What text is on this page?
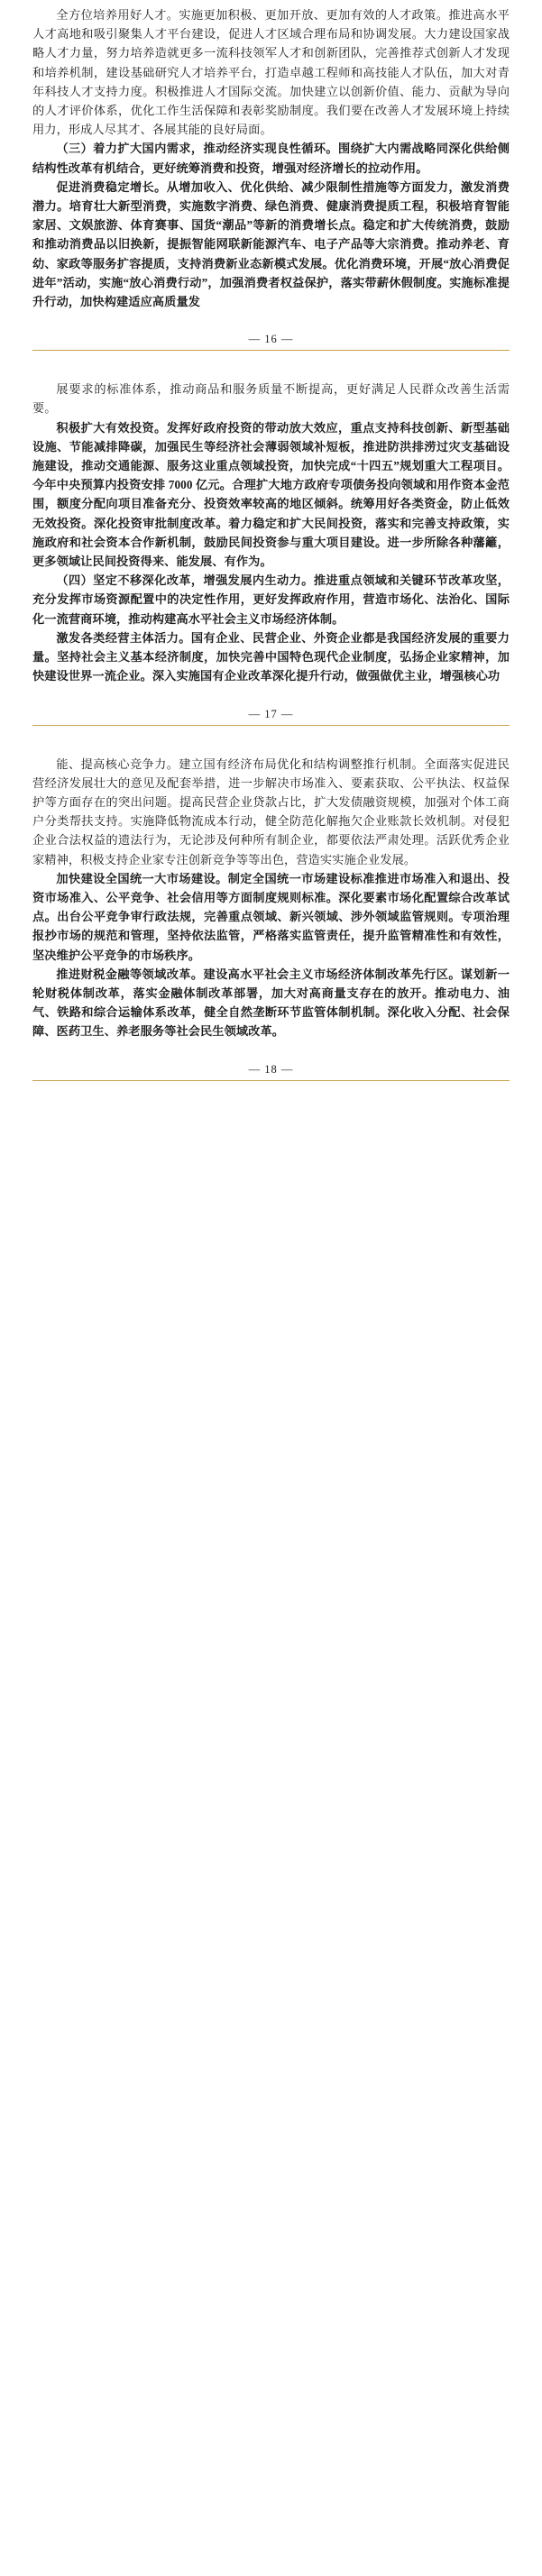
全方位培养用好人才。实施更加积极、更加开放、更加有效的人才政策。推进高水平人才高地和吸引聚集人才平台建设，促进人才区域合理布局和协调发展。大力建设国家战略人才力量，努力培养造就更多一流科技领军人才和创新团队，完善推荐式创新人才发现和培养机制，建设基础研究人才培养平台，打造卓越工程师和高技能人才队伍，加大对青年科技人才支持力度。积极推进人才国际交流。加快建立以创新价值、能力、贡献为导向的人才评价体系，优化工作生活保障和表彰奖励制度。我们要在改善人才发展环境上持续用力，形成人尽其才、各展其能的良好局面。

（三）着力扩大国内需求，推动经济实现良性循环。围绕扩大内需战略同深化供给侧结构性改革有机结合，更好统筹消费和投资，增强对经济增长的拉动作用。

促进消费稳定增长。从增加收入、优化供给、减少限制性措施等方面发力，激发消费潜力。培育壮大新型消费，实施数字消费、绿色消费、健康消费提质工程，积极培育智能家居、文娱旅游、体育赛事、国货“潮品”等新的消费增长点。稳定和扩大传统消费，鼓励和推动消费品以旧换新，提振智能网联新能源汽车、电子产品等大宗消费。推动养老、育幼、家政等服务扩容提质，支持消费新业态新模式发展。优化消费环境，开展“放心消费促进年”活动，实施“放心消费行动”，加强消费者权益保护，落实带薪休假制度。实施标准提升行动，加快构建适应高质量发

— 16 —

展要求的标准体系，推动商品和服务质量不断提高，更好满足人民群众改善生活需要。

积极扩大有效投资。发挥好政府投资的带动放大效应，重点支持科技创新、新型基础设施、节能减排降碳，加强民生等经济社会薄弱领域补短板，推进防洪排涝过灾支基础设施建设，推动交通能源、服务这业重点领域投资，加快完成“十四五”规划重大工程项目。今年中央预算内投资安排 7000 亿元。合理扩大地方政府专项债务投向领域和用作资本金范围，额度分配向项目准备充分、投资效率较高的地区倾斜。统筹用好各类资金，防止低效无效投资。深化投资审批制度改革。着力稳定和扩大民间投资，落实和完善支持政策，实施政府和社会资本合作新机制，鼓励民间投资参与重大项目建设。进一步所除各种藩籬，更多领域让民间投资得来、能发展、有作为。

（四）坚定不移深化改革，增强发展内生动力。推进重点领域和关键环节改革攻坚，充分发挥市场资源配置中的决定性作用，更好发挥政府作用，营造市场化、法治化、国际化一流营商环境，推动构建高水平社会主义市场经济体制。

激发各类经营主体活力。国有企业、民营企业、外资企业都是我国经济发展的重要力量。坚持社会主义基本经济制度，加快完善中国特色现代企业制度，弘扬企业家精神，加快建设世界一流企业。深入实施国有企业改革深化提升行动，做强做优主业，增强核心功

— 17 —

能、提高核心竞争力。建立国有经济布局优化和结构调整推行机制。全面落实促进民营经济发展壮大的意见及配套举措，进一步解决市场准入、要素获取、公平执法、权益保护等方面存在的突出问题。提高民营企业贷款占比，扩大发债融资规模，加强对个体工商户分类帮扶支持。实施降低物流成本行动，健全防范化解拖欠企业账款长效机制。对侵犯企业合法权益的遗法行为，无论涉及何种所有制企业，都要依法严肃处理。活跃优秀企业家精神，积极支持企业家专注创新竞争等等出色，营造实实施企业发展。

加快建设全国统一大市场建设。制定全国统一市场建设标准推进市场准入和退出、投资市场准入、公平竞争、社会信用等方面制度规则标准。深化要素市场化配置综合改革试点。出台公平竞争审行政法规，完善重点领域、新兴领域、涉外领域监管规则。专项治理报抄市场的规范和管理，坚持依法监管，严格落实监管责任，提升监管精准性和有效性，坚决维护公平竞争的市场秩序。

推进财税金融等领域改革。建设高水平社会主义市场经济体制改革先行区。谋划新一轮财税体制改革，落实金融体制改革部署，加大对高商量支存在的放开。推动电力、油气、铁路和综合运输体系改革，健全自然垄断环节监管体制机制。深化收入分配、社会保障、医药卫生、养老服务等社会民生领域改革。

— 18 —
